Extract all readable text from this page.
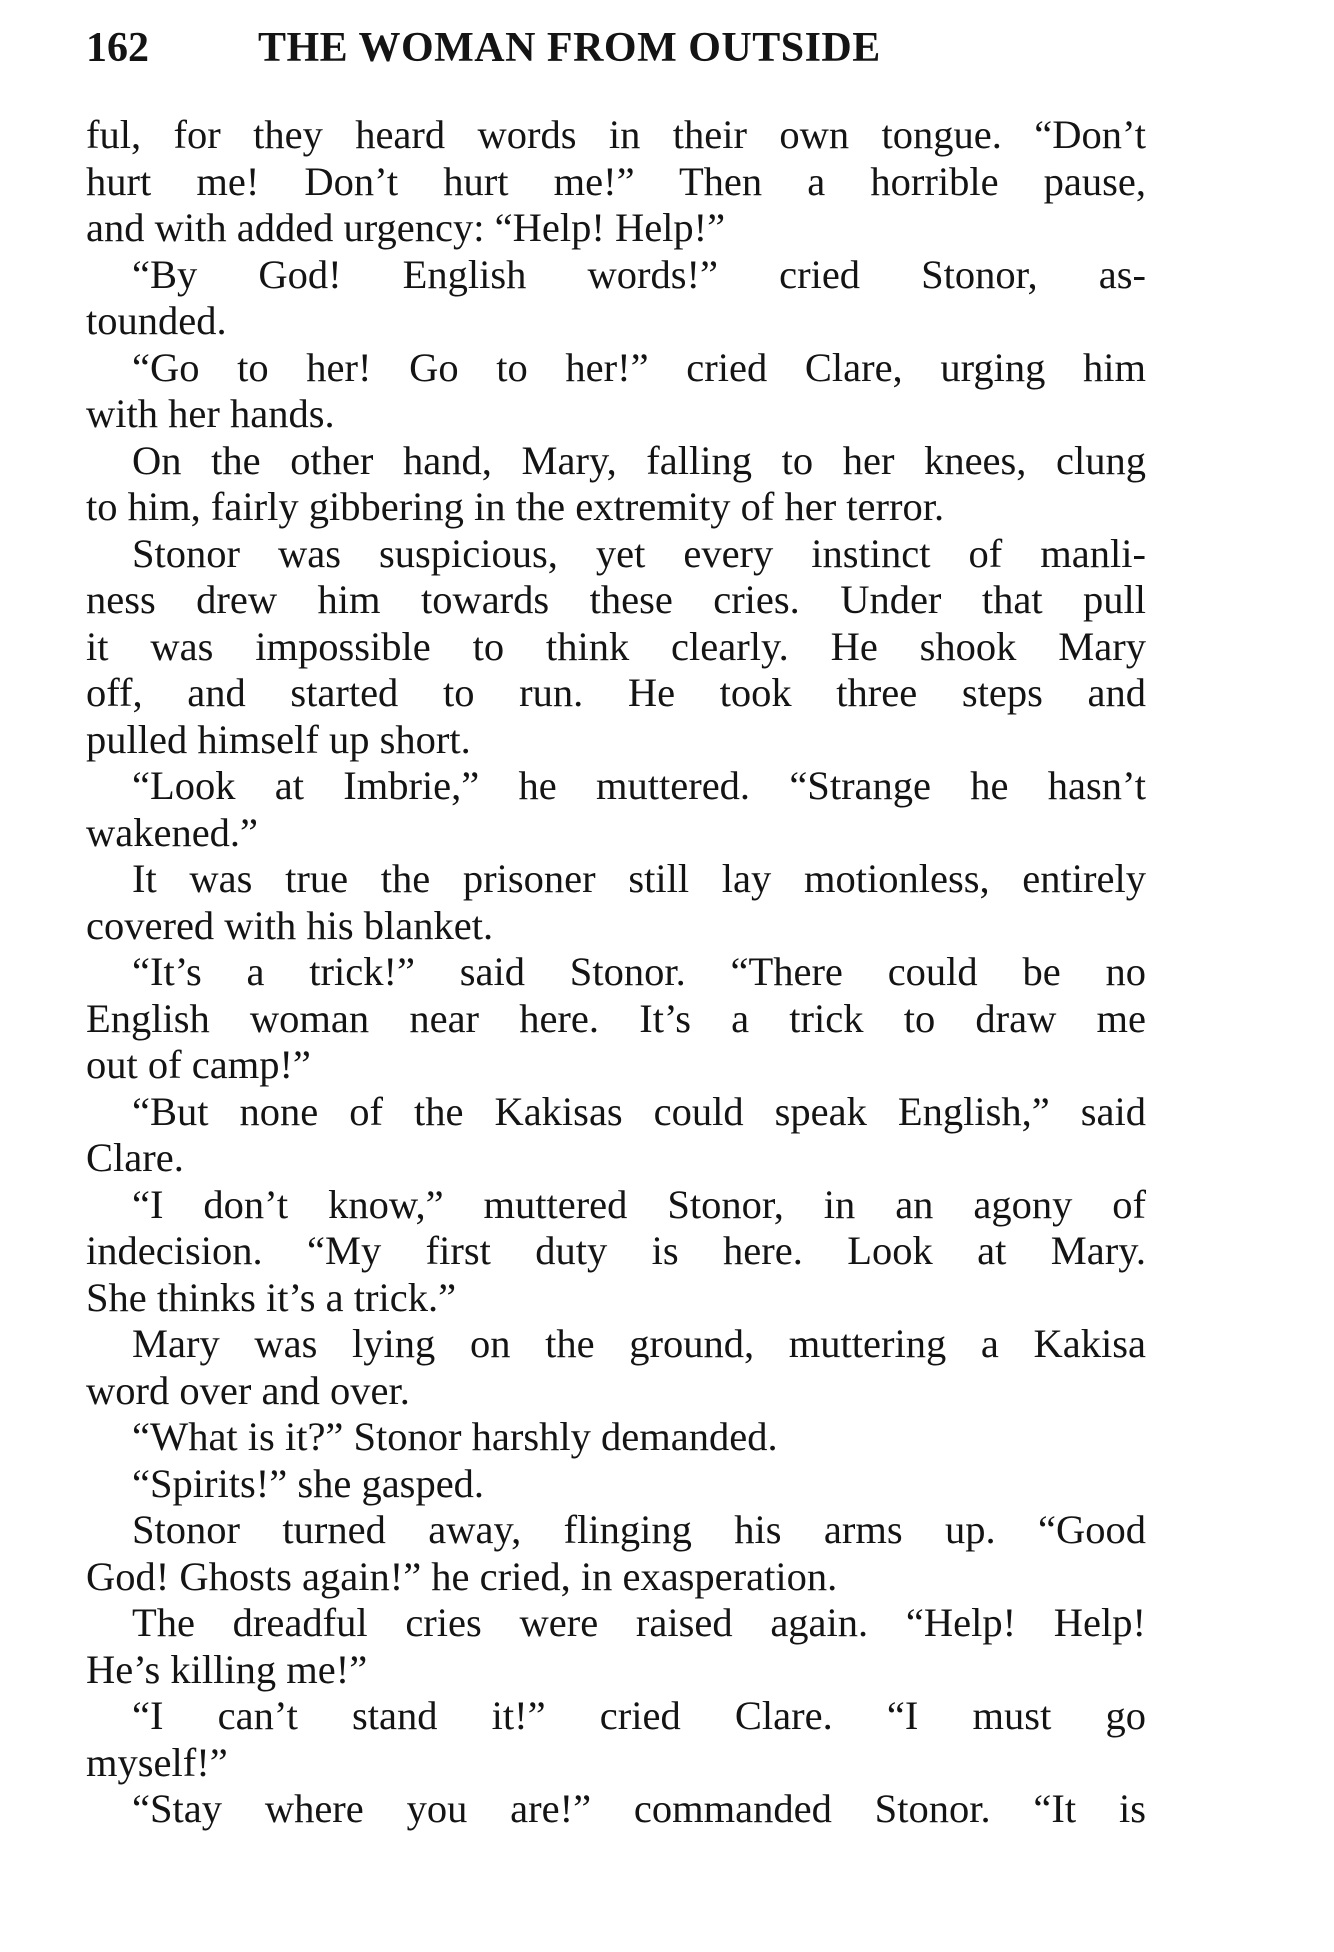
162	THE WOMAN FROM OUTSIDE
ful, for they heard words in their own tongue. “Don’t
hurt me! Don’t hurt me!” Then a horrible pause,
and with added urgency: “Help! Help!”
“By God! English words!” cried Stonor, as-
tounded.
“Go to her! Go to her!” cried Clare, urging him
with her hands.
On the other hand, Mary, falling to her knees, clung
to him, fairly gibbering in the extremity of her terror.
Stonor was suspicious, yet every instinct of manli-
ness drew him towards these cries. Under that pull
it was impossible to think clearly. He shook Mary
off, and started to run. He took three steps and
pulled himself up short.
“Look at Imbrie,” he muttered. “Strange he hasn’t
wakened.”
It was true the prisoner still lay motionless, entirely
covered with his blanket.
“It’s a trick!” said Stonor. “There could be no
English woman near here. It’s a trick to draw me
out of camp!”
“But none of the Kakisas could speak English,” said
Clare.
“I don’t know,” muttered Stonor, in an agony of
indecision. “My first duty is here. Look at Mary.
She thinks it’s a trick.”
Mary was lying on the ground, muttering a Kakisa
word over and over.
“What is it?” Stonor harshly demanded.
“Spirits!” she gasped.
Stonor turned away, flinging his arms up. “Good
God! Ghosts again!” he cried, in exasperation.
The dreadful cries were raised again. “Help! Help!
He’s killing me!”
“I can’t stand it!” cried Clare. “I must go
myself!”
“Stay where you are!” commanded Stonor. “It is
